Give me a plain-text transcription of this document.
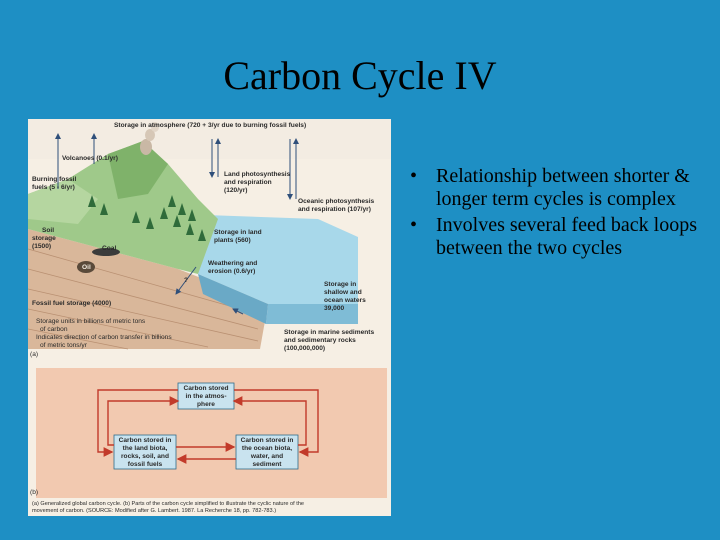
Carbon Cycle IV
Storage in atmosphere (720 + 3/yr due to burning fossil fuels)
Volcanoes (0.1/yr)
Burning fossil
fuels (5 - 6/yr)
Land photosynthesis
and respiration
(120/yr)
Oceanic photosynthesis
and respiration (107/yr)
Soil
storage
(1500)
Storage in land
plants (560)
Coal
Oil
Weathering and
erosion (0.6/yr)
?
Storage in
shallow and
ocean waters
39,000
Fossil fuel storage (4000)
Storage units in billions of metric tons
of carbon
Indicates direction of carbon transfer in billions
of metric tons/yr
Storage in marine sediments
and sedimentary rocks
(100,000,000)
(a)
Carbon stored
in the atmos-
phere
Carbon stored in
the land biota,
rocks, soil, and
fossil fuels
Carbon stored in
the ocean biota,
water, and
sediment
(b)
(a) Generalized global carbon cycle. (b) Parts of the carbon cycle simplified to illustrate the cyclic nature of the
movement of carbon. (SOURCE: Modified after G. Lambert. 1987. La Recherche 18, pp. 782-783.)
• Relationship between shorter & longer term cycles is complex
• Involves several feed back loops between the two cycles
